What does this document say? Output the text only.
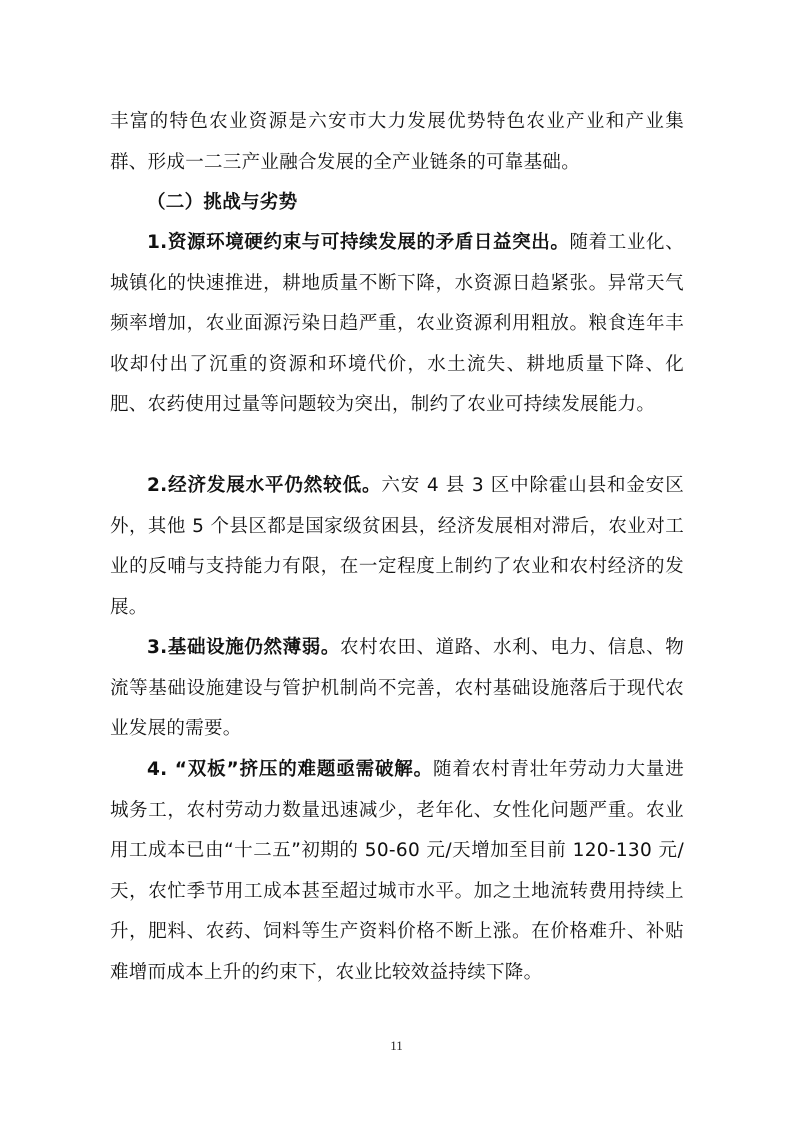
丰富的特色农业资源是六安市大力发展优势特色农业产业和产业集群、形成一二三产业融合发展的全产业链条的可靠基础。

（二）挑战与劣势

1.资源环境硬约束与可持续发展的矛盾日益突出。随着工业化、城镇化的快速推进，耕地质量不断下降，水资源日趋紧张。异常天气频率增加，农业面源污染日趋严重，农业资源利用粗放。粮食连年丰收却付出了沉重的资源和环境代价，水土流失、耕地质量下降、化肥、农药使用过量等问题较为突出，制约了农业可持续发展能力。

2.经济发展水平仍然较低。六安 4 县 3 区中除霍山县和金安区外，其他 5 个县区都是国家级贫困县，经济发展相对滞后，农业对工业的反哺与支持能力有限，在一定程度上制约了农业和农村经济的发展。

3.基础设施仍然薄弱。农村农田、道路、水利、电力、信息、物流等基础设施建设与管护机制尚不完善，农村基础设施落后于现代农业发展的需要。

4. “双板”挤压的难题亟需破解。随着农村青壮年劳动力大量进城务工，农村劳动力数量迅速减少，老年化、女性化问题严重。农业用工成本已由“十二五”初期的 50-60 元/天增加至目前 120-130 元/天，农忙季节用工成本甚至超过城市水平。加之土地流转费用持续上升，肥料、农药、饲料等生产资料价格不断上涨。在价格难升、补贴难增而成本上升的约束下，农业比较效益持续下降。

11
